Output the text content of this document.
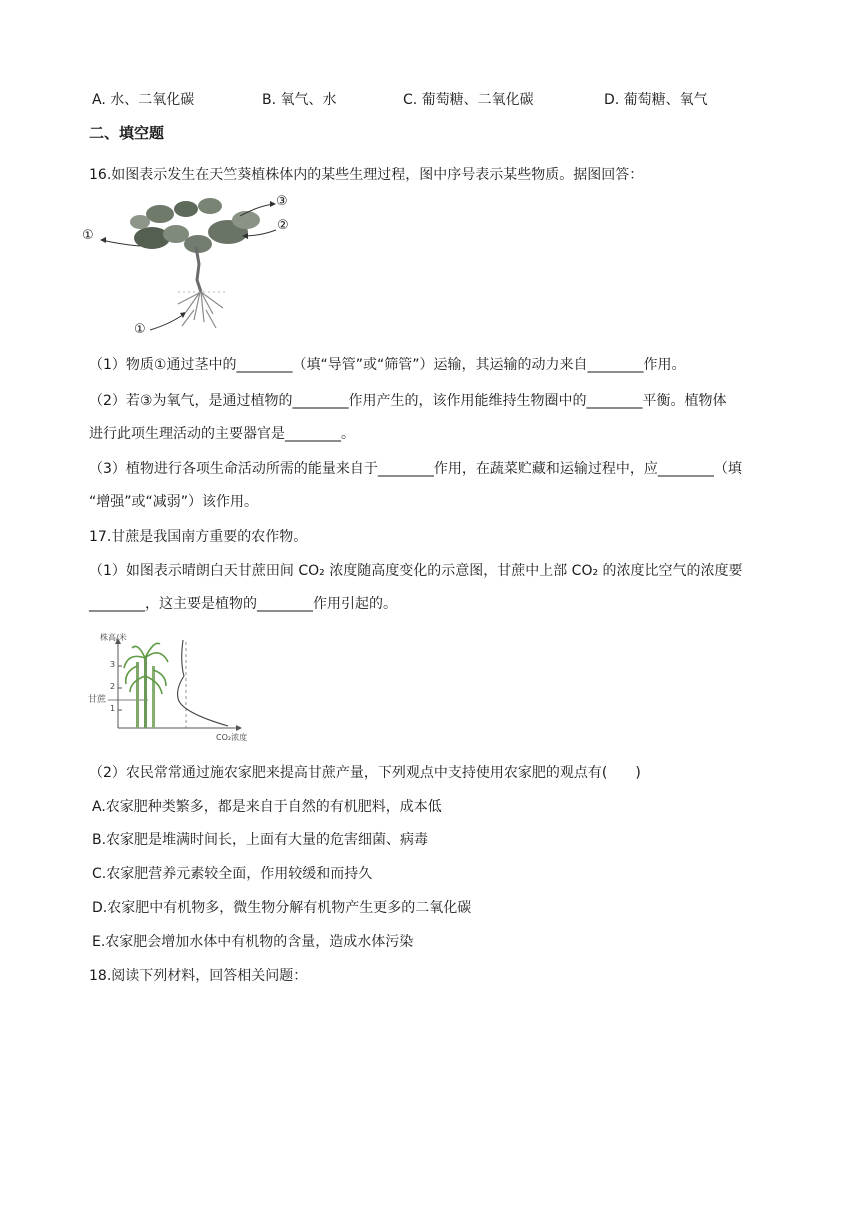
A. 水、二氧化碳	B. 氧气、水	C. 葡萄糖、二氧化碳	D. 葡萄糖、氧气
二、填空题
16.如图表示发生在天竺葵植株体内的某些生理过程，图中序号表示某些物质。据图回答：
①
③
②
①
（1）物质①通过茎中的________（填“导管”或“筛管”）运输，其运输的动力来自________作用。
（2）若③为氧气，是通过植物的________作用产生的，该作用能维持生物圈中的________平衡。植物体
进行此项生理活动的主要器官是________。
（3）植物进行各项生命活动所需的能量来自于________作用，在蔬菜贮藏和运输过程中，应________（填
“增强”或“减弱”）该作用。
17.甘蔗是我国南方重要的农作物。
（1）如图表示晴朗白天甘蔗田间 CO₂ 浓度随高度变化的示意图，甘蔗中上部 CO₂ 的浓度比空气的浓度要
________，这主要是植物的________作用引起的。
株高/米
3
2
1
甘蔗
CO₂浓度
（2）农民常常通过施农家肥来提高甘蔗产量，下列观点中支持使用农家肥的观点有(　　)
A.农家肥种类繁多，都是来自于自然的有机肥料，成本低
B.农家肥是堆满时间长，上面有大量的危害细菌、病毒
C.农家肥营养元素较全面，作用较缓和而持久
D.农家肥中有机物多，微生物分解有机物产生更多的二氧化碳
E.农家肥会增加水体中有机物的含量，造成水体污染
18.阅读下列材料，回答相关问题：
